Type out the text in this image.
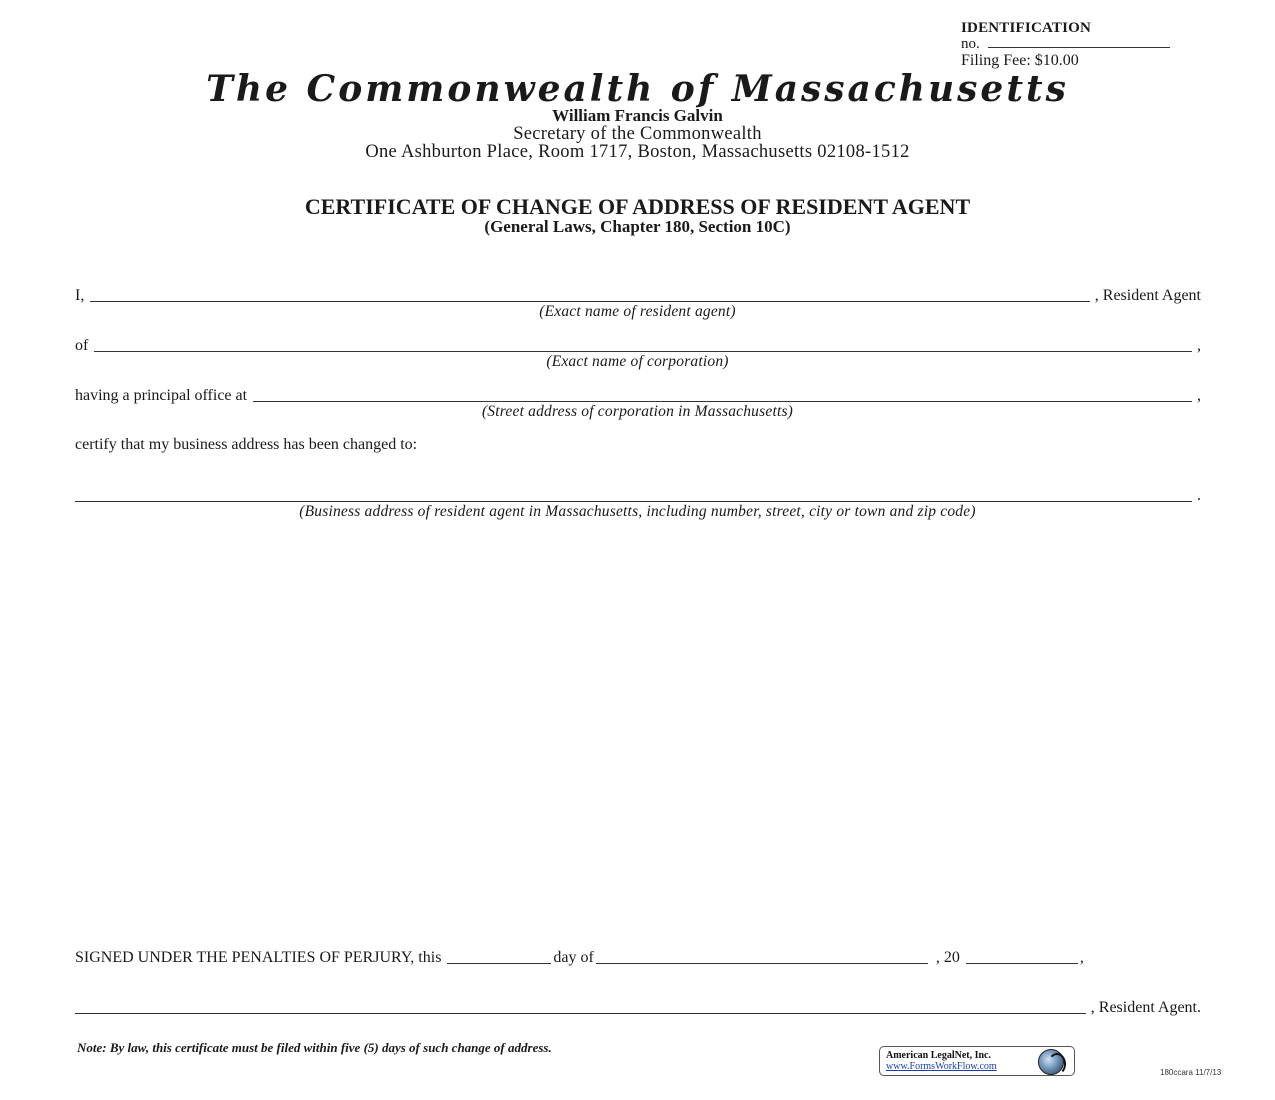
IDENTIFICATION
no.
Filing Fee: $10.00
The Commonwealth of Massachusetts
William Francis Galvin
Secretary of the Commonwealth
One Ashburton Place, Room 1717, Boston, Massachusetts 02108-1512
CERTIFICATE OF CHANGE OF ADDRESS OF RESIDENT AGENT
(General Laws, Chapter 180, Section 10C)
I,	, Resident Agent
(Exact name of resident agent)
of	,
(Exact name of corporation)
having a principal office at	,
(Street address of corporation in Massachusetts)
certify that my business address has been changed to:
.
(Business address of resident agent in Massachusetts, including number, street, city or town and zip code)
SIGNED UNDER THE PENALTIES OF PERJURY, this	day of	, 20	,
, Resident Agent.
Note: By law, this certificate must be filed within five (5) days of such change of address.
American LegalNet, Inc.
www.FormsWorkFlow.com
180ccara 11/7/13
